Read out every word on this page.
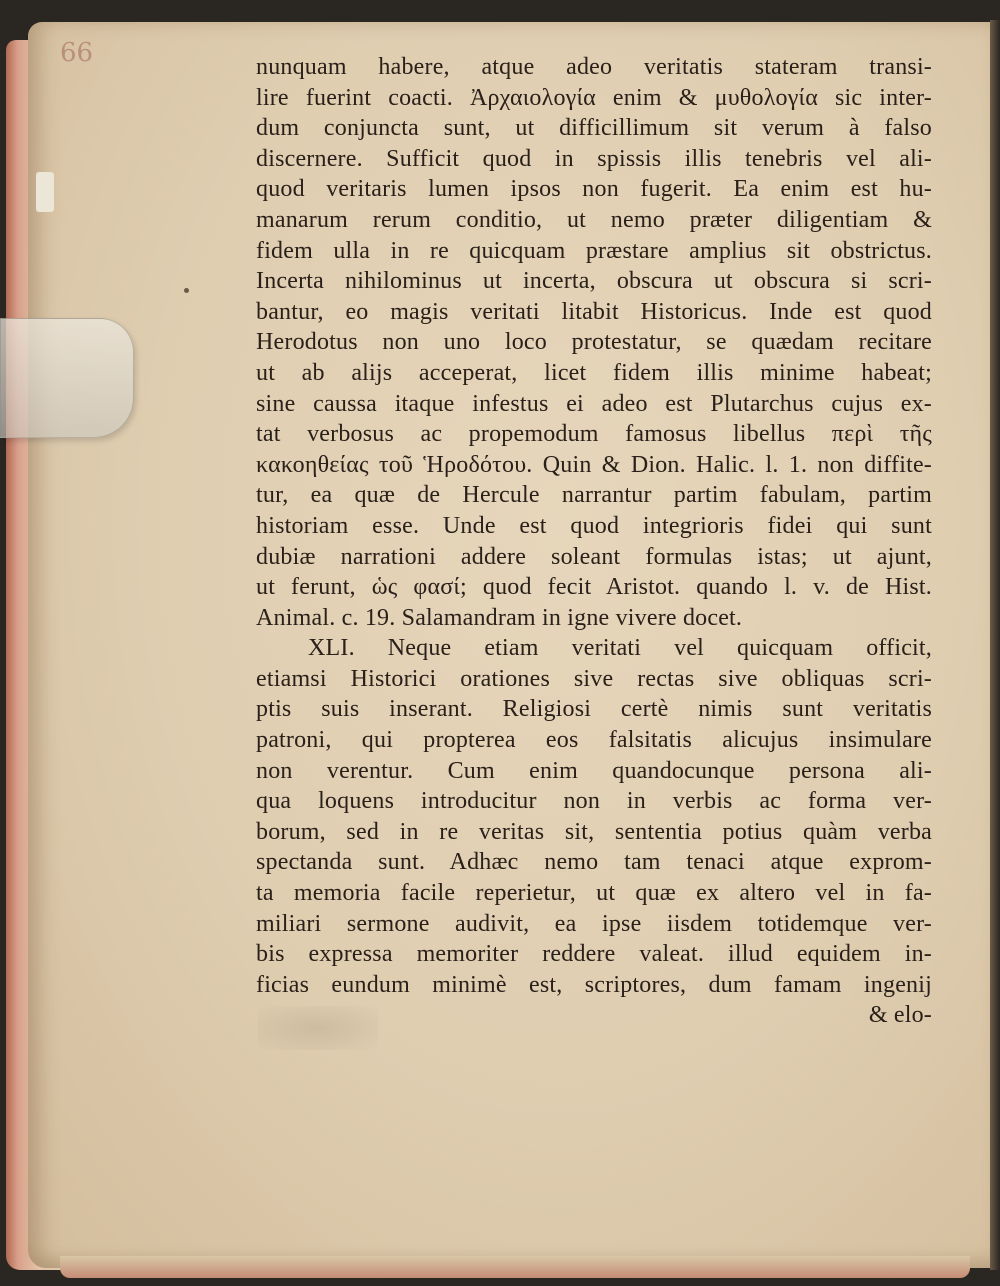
66	nunquam habere, atque adeo veritatis stateram transi-
lire fuerint coacti. Ἀρχαιολογία enim & μυθολογία sic inter-
dum conjuncta sunt, ut difficillimum sit verum à falso
discernere. Sufficit quod in spissis illis tenebris vel ali-
quod veritaris lumen ipsos non fugerit. Ea enim est hu-
manarum rerum conditio, ut nemo præter diligentiam &
fidem ulla in re quicquam præstare amplius sit obstrictus.
Incerta nihilominus ut incerta, obscura ut obscura si scri-
bantur, eo magis veritati litabit Historicus. Inde est quod
Herodotus non uno loco protestatur, se quædam recitare
ut ab alijs acceperat, licet fidem illis minime habeat;
sine caussa itaque infestus ei adeo est Plutarchus cujus ex-
tat verbosus ac propemodum famosus libellus περὶ τῆς
κακοηθείας τοῦ Ἡροδότου. Quin & Dion. Halic. l. 1. non diffite-
tur, ea quæ de Hercule narrantur partim fabulam, partim
historiam esse. Unde est quod integrioris fidei qui sunt
dubiæ narrationi addere soleant formulas istas; ut ajunt,
ut ferunt, ὡς φασί; quod fecit Aristot. quando l. v. de Hist.
Animal. c. 19. Salamandram in igne vivere docet.
XLI. Neque etiam veritati vel quicquam officit,
etiamsi Historici orationes sive rectas sive obliquas scri-
ptis suis inserant. Religiosi certè nimis sunt veritatis
patroni, qui propterea eos falsitatis alicujus insimulare
non verentur. Cum enim quandocunque persona ali-
qua loquens introducitur non in verbis ac forma ver-
borum, sed in re veritas sit, sententia potius quàm verba
spectanda sunt. Adhæc nemo tam tenaci atque exprom-
ta memoria facile reperietur, ut quæ ex altero vel in fa-
miliari sermone audivit, ea ipse iisdem totidemque ver-
bis expressa memoriter reddere valeat. illud equidem in-
ficias eundum minimè est, scriptores, dum famam ingenij
& elo-
